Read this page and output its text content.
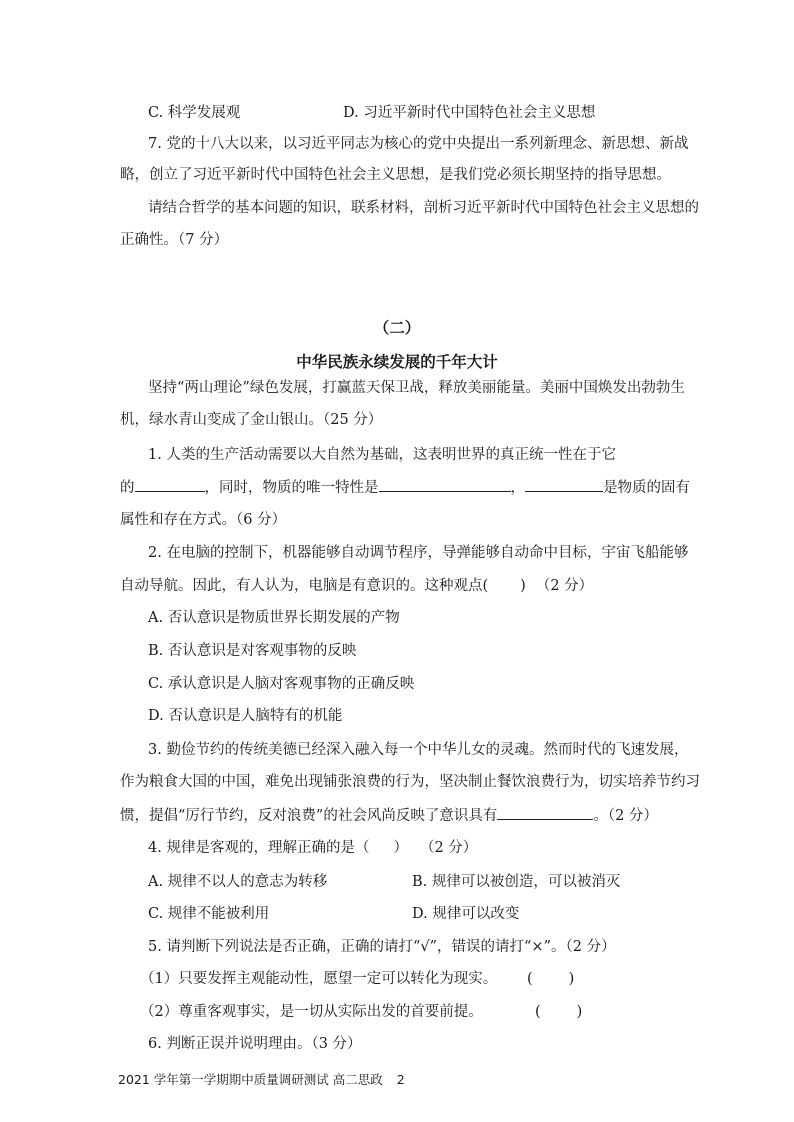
C. 科学发展观	D. 习近平新时代中国特色社会主义思想
7. 党的十八大以来，以习近平同志为核心的党中央提出一系列新理念、新思想、新战
略，创立了习近平新时代中国特色社会主义思想，是我们党必须长期坚持的指导思想。
请结合哲学的基本问题的知识，联系材料，剖析习近平新时代中国特色社会主义思想的
正确性。（7 分）
（二）
中华民族永续发展的千年大计
坚持“两山理论”绿色发展，打赢蓝天保卫战，释放美丽能量。美丽中国焕发出勃勃生
机，绿水青山变成了金山银山。（25 分）
1. 人类的生产活动需要以大自然为基础，这表明世界的真正统一性在于它
的	，同时，物质的唯一特性是	，	是物质的固有
属性和存在方式。（6 分）
2. 在电脑的控制下，机器能够自动调节程序，导弹能够自动命中目标，宇宙飞船能够
自动导航。因此，有人认为，电脑是有意识的。这种观点( ) （2 分）
A. 否认意识是物质世界长期发展的产物
B. 否认意识是对客观事物的反映
C. 承认意识是人脑对客观事物的正确反映
D. 否认意识是人脑特有的机能
3. 勤俭节约的传统美德已经深入融入每一个中华儿女的灵魂。然而时代的飞速发展，
作为粮食大国的中国，难免出现铺张浪费的行为，坚决制止餐饮浪费行为，切实培养节约习
惯，提倡“厉行节约，反对浪费”的社会风尚反映了意识具有	。（2 分）
4. 规律是客观的，理解正确的是（ ） （2 分）
A. 规律不以人的意志为转移	B. 规律可以被创造，可以被消灭
C. 规律不能被利用	D. 规律可以改变
5. 请判断下列说法是否正确，正确的请打“√”，错误的请打“×”。（2 分）
（1）只要发挥主观能动性，愿望一定可以转化为现实。	( )
（2）尊重客观事实，是一切从实际出发的首要前提。	( )
6. 判断正误并说明理由。（3 分）
2021 学年第一学期期中质量调研测试 高二思政 2
